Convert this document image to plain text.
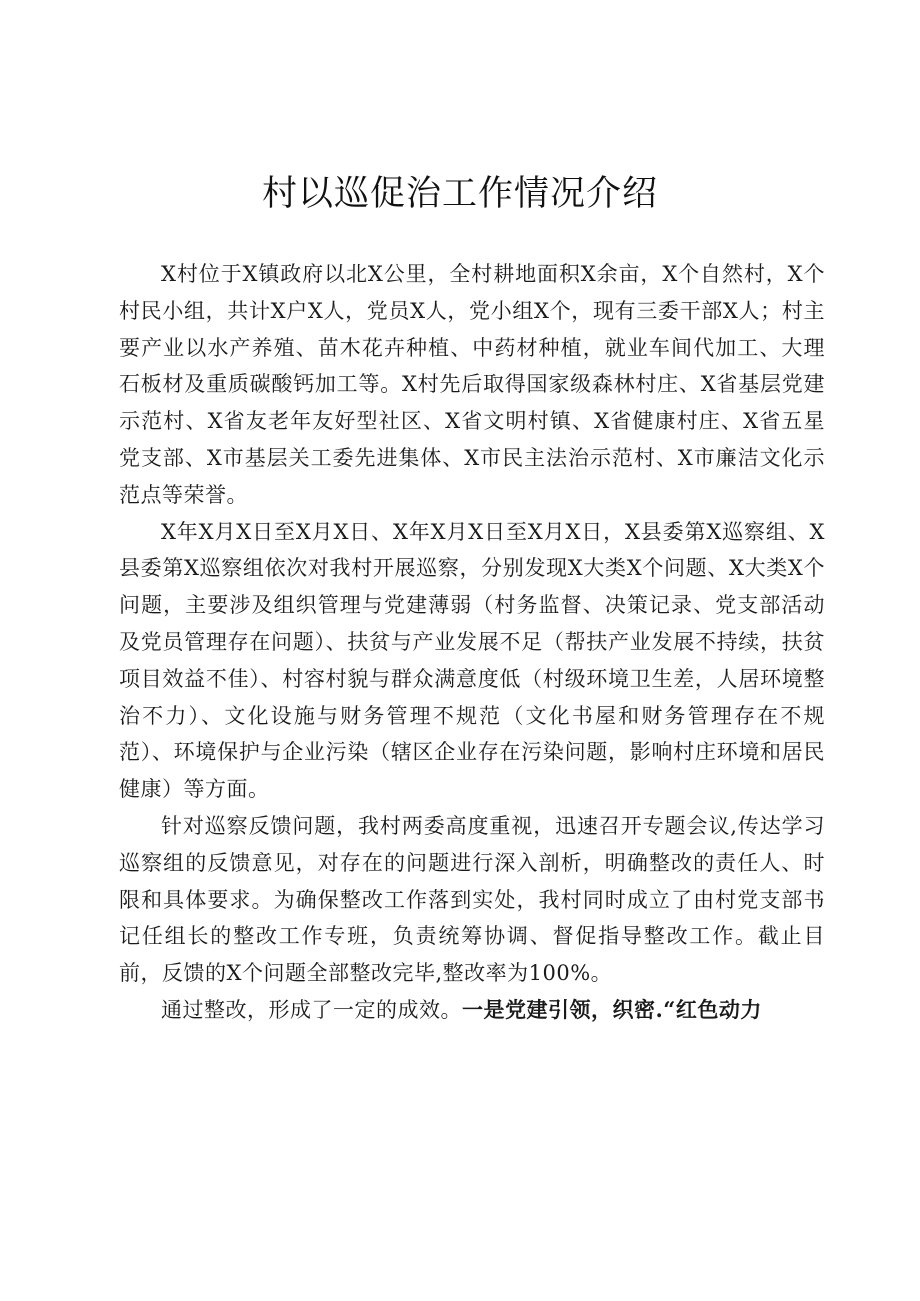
村以巡促治工作情况介绍

X村位于X镇政府以北X公里，全村耕地面积X余亩，X个自然村，X个村民小组，共计X户X人，党员X人，党小组X个，现有三委干部X人；村主要产业以水产养殖、苗木花卉种植、中药材种植，就业车间代加工、大理石板材及重质碳酸钙加工等。X村先后取得国家级森林村庄、X省基层党建示范村、X省友老年友好型社区、X省文明村镇、X省健康村庄、X省五星党支部、X市基层关工委先进集体、X市民主法治示范村、X市廉洁文化示范点等荣誉。

X年X月X日至X月X日、X年X月X日至X月X日，X县委第X巡察组、X县委第X巡察组依次对我村开展巡察，分别发现X大类X个问题、X大类X个问题，主要涉及组织管理与党建薄弱（村务监督、决策记录、党支部活动及党员管理存在问题）、扶贫与产业发展不足（帮扶产业发展不持续，扶贫项目效益不佳）、村容村貌与群众满意度低（村级环境卫生差，人居环境整治不力）、文化设施与财务管理不规范（文化书屋和财务管理存在不规范）、环境保护与企业污染（辖区企业存在污染问题，影响村庄环境和居民健康）等方面。

针对巡察反馈问题，我村两委高度重视，迅速召开专题会议,传达学习巡察组的反馈意见，对存在的问题进行深入剖析，明确整改的责任人、时限和具体要求。为确保整改工作落到实处，我村同时成立了由村党支部书记任组长的整改工作专班，负责统筹协调、督促指导整改工作。截止目前，反馈的X个问题全部整改完毕,整改率为100%。

通过整改，形成了一定的成效。一是党建引领，织密.“红色动力
